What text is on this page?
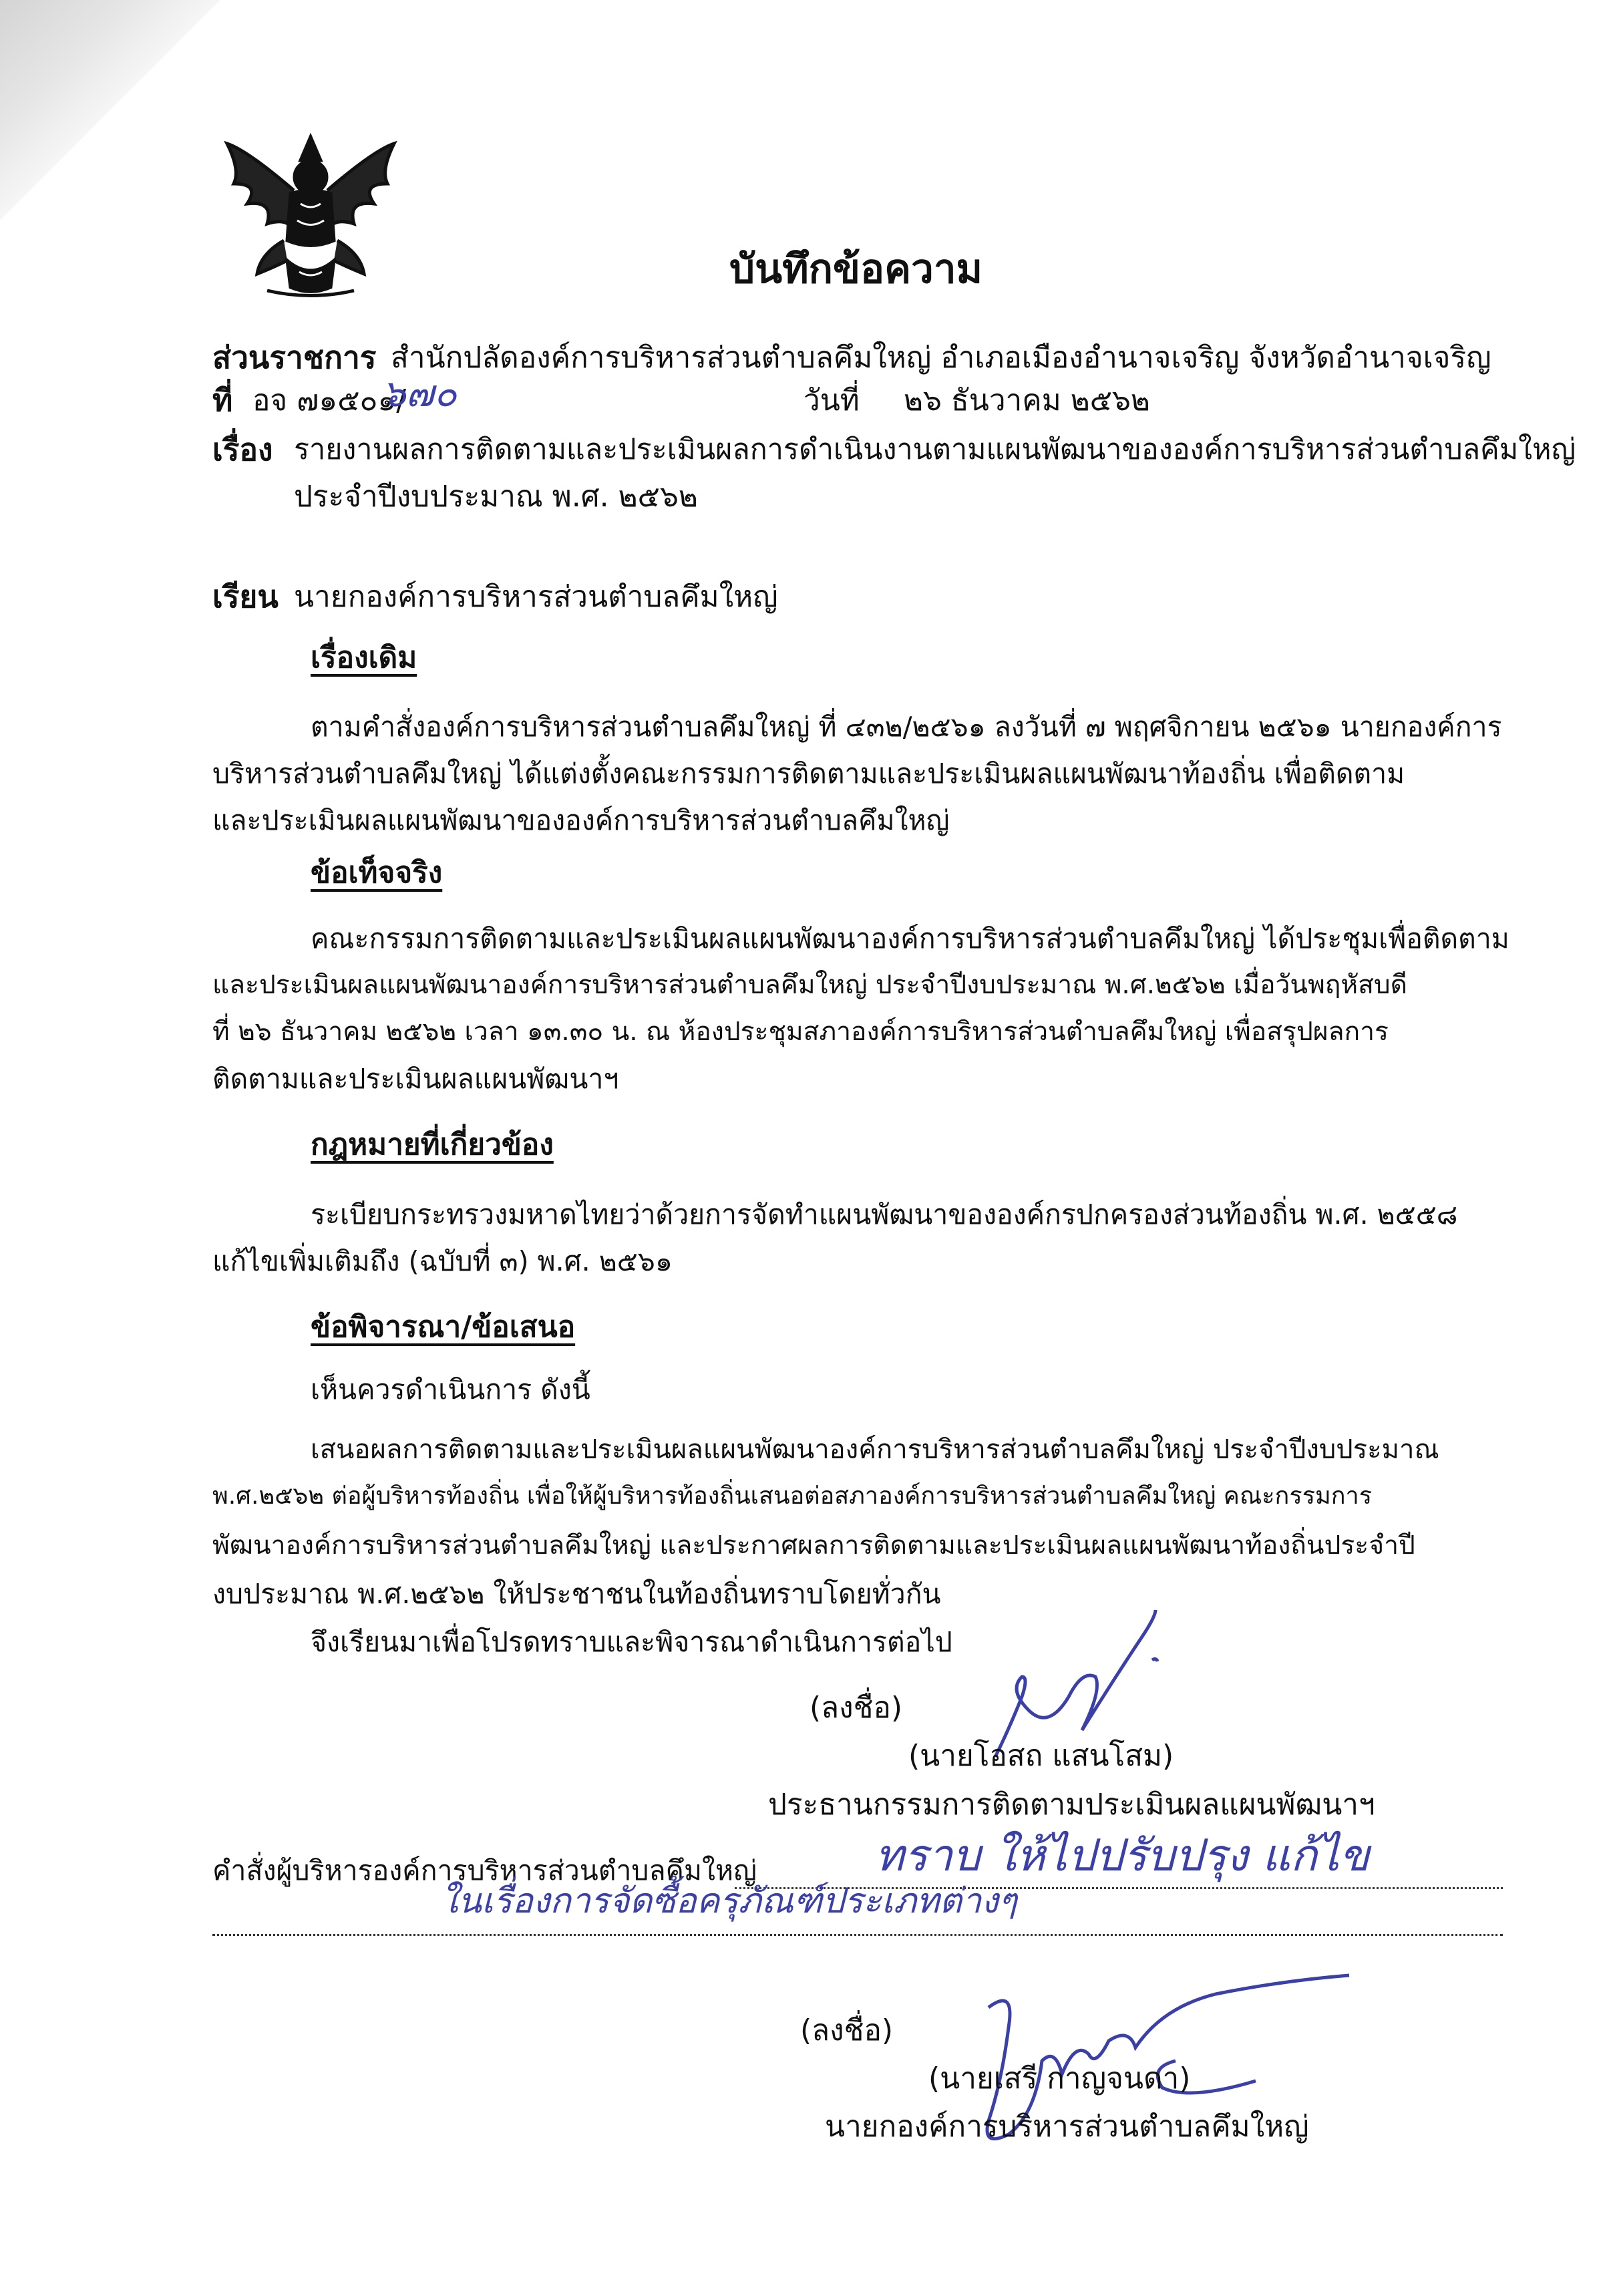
บันทึกข้อความ
ส่วนราชการ สำนักปลัดองค์การบริหารส่วนตำบลคึมใหญ่ อำเภอเมืองอำนาจเจริญ จังหวัดอำนาจเจริญ
ที่ อจ ๗๑๕๐๑/
๖๗๐	วันที่ ๒๖ ธันวาคม ๒๕๖๒
เรื่อง รายงานผลการติดตามและประเมินผลการดำเนินงานตามแผนพัฒนาขององค์การบริหารส่วนตำบลคึมใหญ่
ประจำปีงบประมาณ พ.ศ. ๒๕๖๒
เรียน นายกองค์การบริหารส่วนตำบลคึมใหญ่
เรื่องเดิม
ตามคำสั่งองค์การบริหารส่วนตำบลคึมใหญ่ ที่ ๔๓๒/๒๕๖๑ ลงวันที่ ๗ พฤศจิกายน ๒๕๖๑ นายกองค์การ
บริหารส่วนตำบลคึมใหญ่ ได้แต่งตั้งคณะกรรมการติดตามและประเมินผลแผนพัฒนาท้องถิ่น เพื่อติดตาม
และประเมินผลแผนพัฒนาขององค์การบริหารส่วนตำบลคึมใหญ่
ข้อเท็จจริง
คณะกรรมการติดตามและประเมินผลแผนพัฒนาองค์การบริหารส่วนตำบลคึมใหญ่ ได้ประชุมเพื่อติดตาม
และประเมินผลแผนพัฒนาองค์การบริหารส่วนตำบลคึมใหญ่ ประจำปีงบประมาณ พ.ศ.๒๕๖๒ เมื่อวันพฤหัสบดี
ที่ ๒๖ ธันวาคม ๒๕๖๒ เวลา ๑๓.๓๐ น. ณ ห้องประชุมสภาองค์การบริหารส่วนตำบลคึมใหญ่ เพื่อสรุปผลการ
ติดตามและประเมินผลแผนพัฒนาฯ
กฎหมายที่เกี่ยวข้อง
ระเบียบกระทรวงมหาดไทยว่าด้วยการจัดทำแผนพัฒนาขององค์กรปกครองส่วนท้องถิ่น พ.ศ. ๒๕๕๘
แก้ไขเพิ่มเติมถึง (ฉบับที่ ๓) พ.ศ. ๒๕๖๑
ข้อพิจารณา/ข้อเสนอ
เห็นควรดำเนินการ ดังนี้
เสนอผลการติดตามและประเมินผลแผนพัฒนาองค์การบริหารส่วนตำบลคึมใหญ่ ประจำปีงบประมาณ
พ.ศ.๒๕๖๒ ต่อผู้บริหารท้องถิ่น เพื่อให้ผู้บริหารท้องถิ่นเสนอต่อสภาองค์การบริหารส่วนตำบลคึมใหญ่ คณะกรรมการ
พัฒนาองค์การบริหารส่วนตำบลคึมใหญ่ และประกาศผลการติดตามและประเมินผลแผนพัฒนาท้องถิ่นประจำปี
งบประมาณ พ.ศ.๒๕๖๒ ให้ประชาชนในท้องถิ่นทราบโดยทั่วกัน
จึงเรียนมาเพื่อโปรดทราบและพิจารณาดำเนินการต่อไป
(ลงชื่อ)
(นายโอสถ แสนโสม)
ประธานกรรมการติดตามประเมินผลแผนพัฒนาฯ
คำสั่งผู้บริหารองค์การบริหารส่วนตำบลคึมใหญ่	ทราบ ให้ไปปรับปรุง แก้ไข
ในเรื่องการจัดซื้อครุภัณฑ์ประเภทต่างๆ
(ลงชื่อ)
(นายเสรี กาญจนดา)
นายกองค์การบริหารส่วนตำบลคึมใหญ่
